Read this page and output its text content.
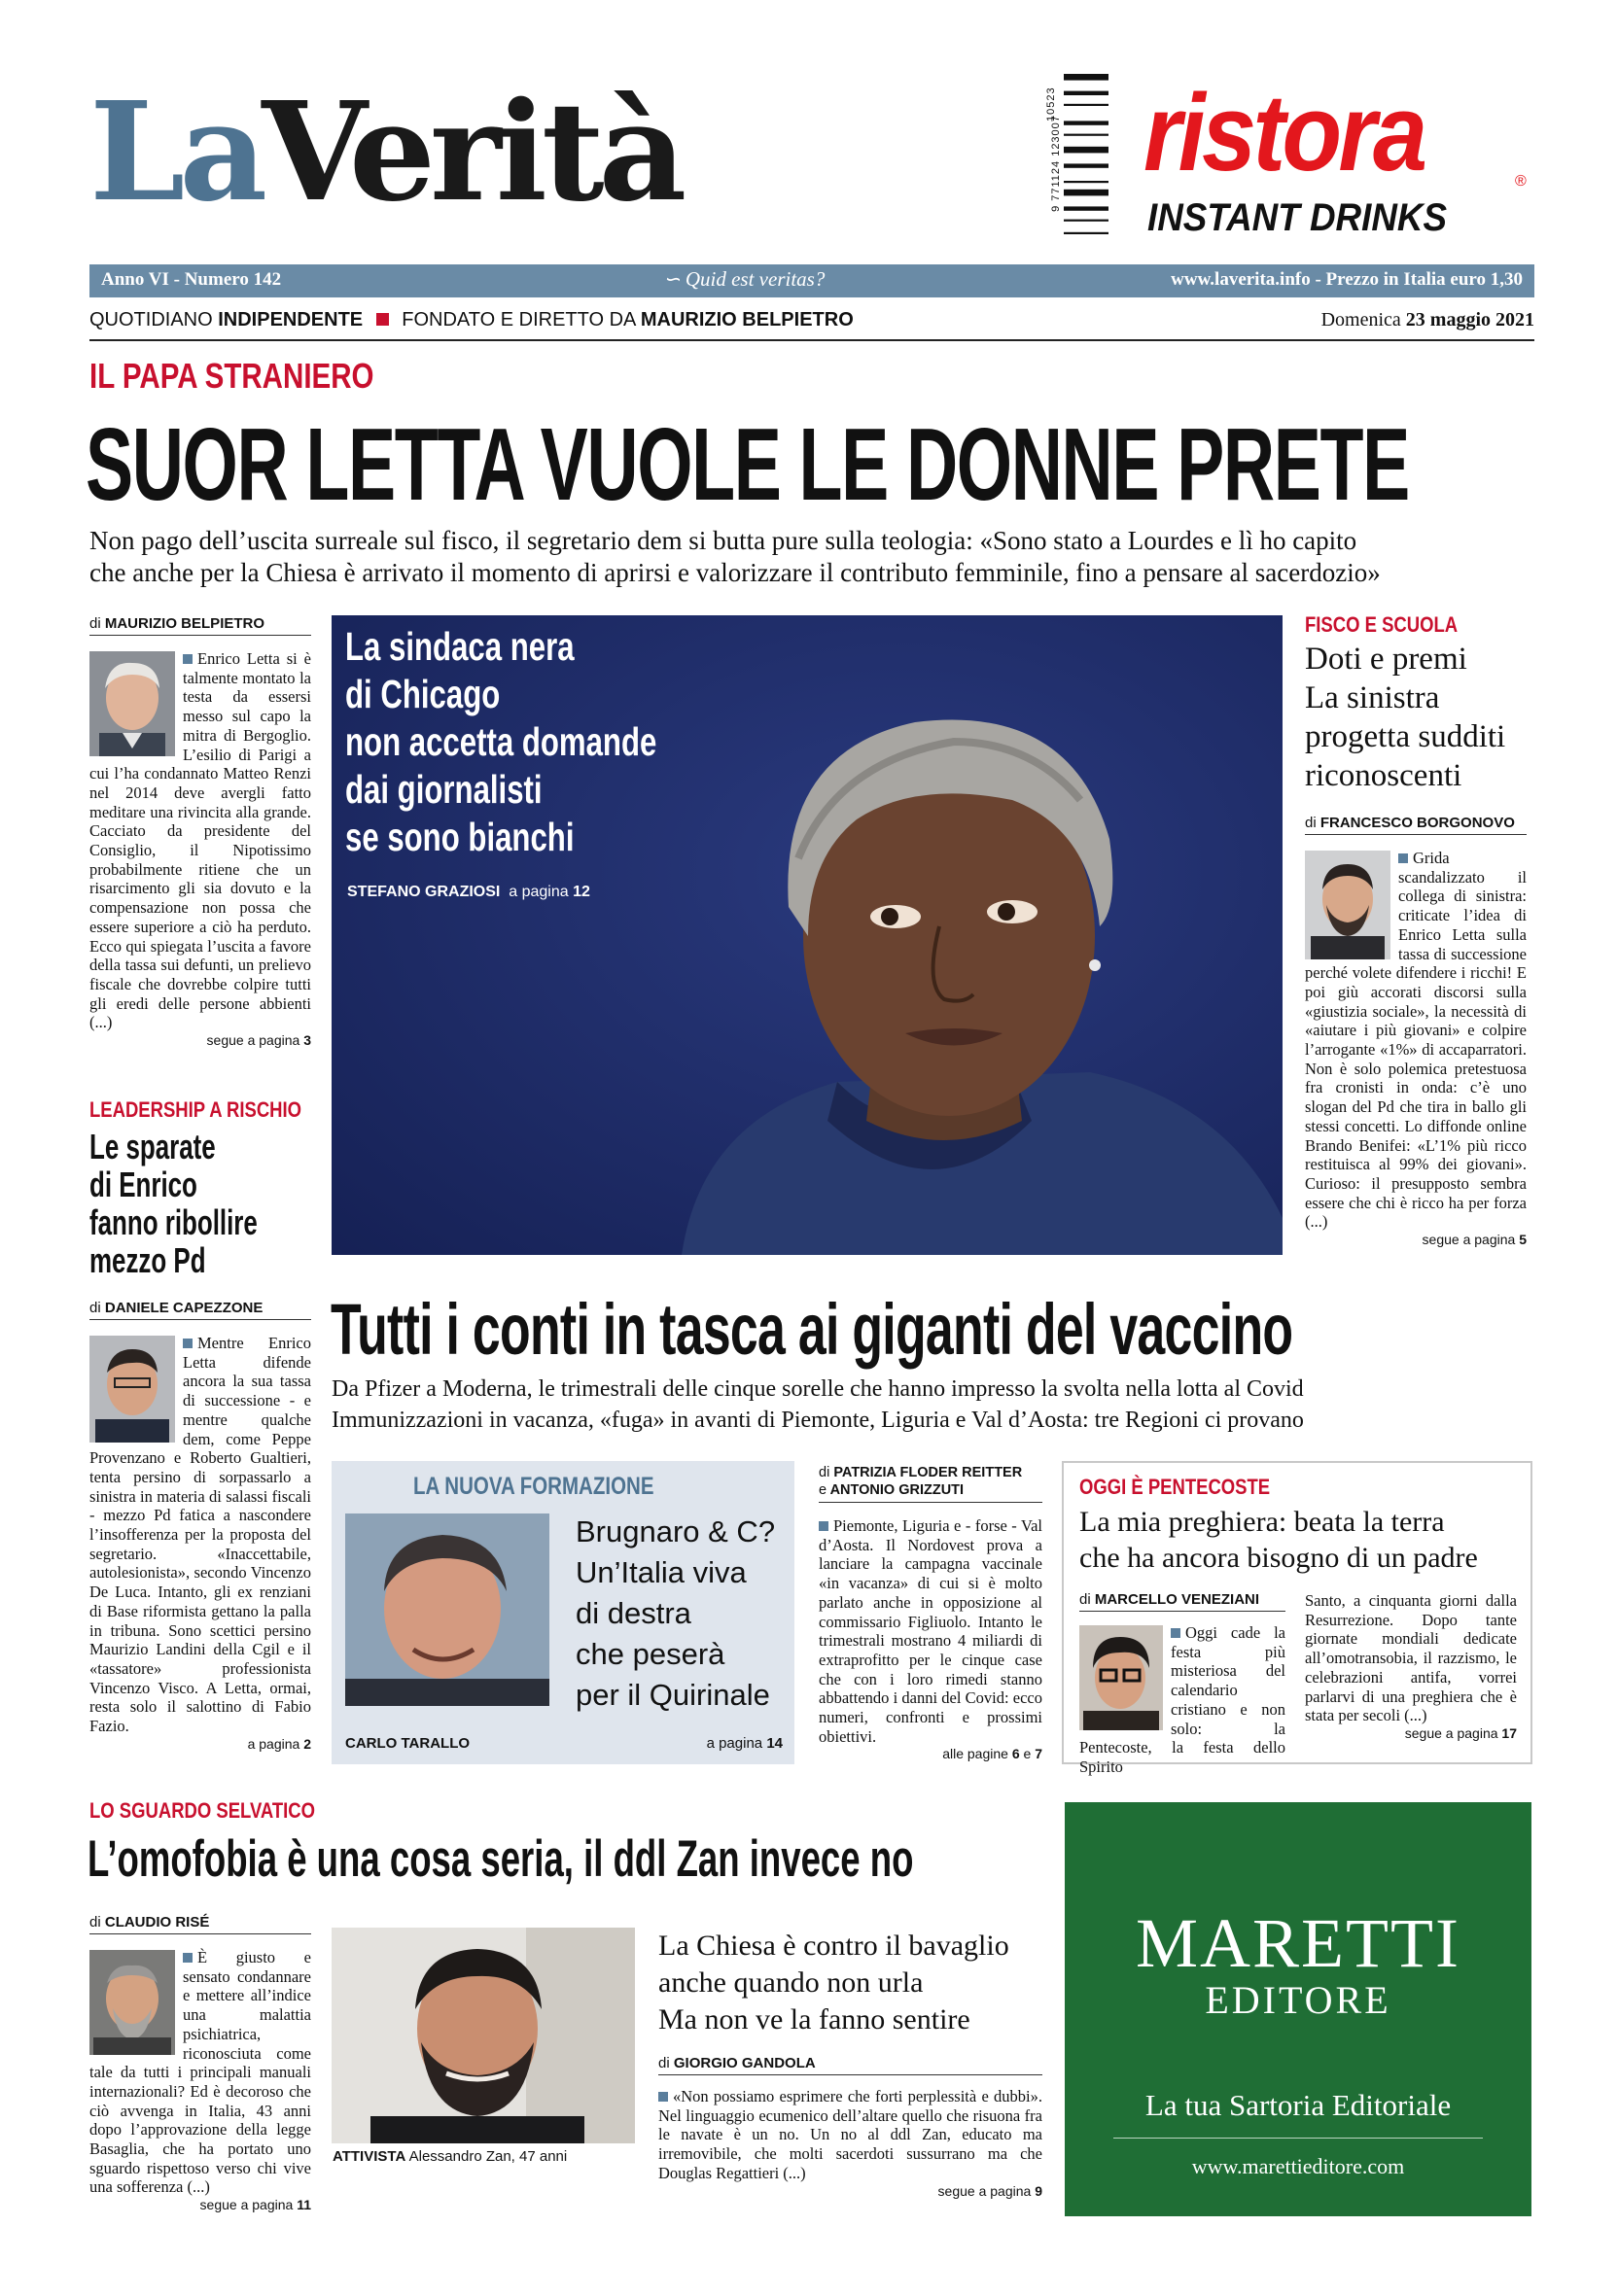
LaVerità	9 771124 123007
10523 ristora	®
INSTANT DRINKS
Anno VI - Numero 142	∽ Quid est veritas?	www.laverita.info - Prezzo in Italia euro 1,30
QUOTIDIANO INDIPENDENTE FONDATO E DIRETTO DA MAURIZIO BELPIETRO	Domenica 23 maggio 2021
IL PAPA STRANIERO
SUOR LETTA VUOLE LE DONNE PRETE
Non pago dell’uscita surreale sul fisco, il segretario dem si butta pure sulla teologia: «Sono stato a Lourdes e lì ho capito
che anche per la Chiesa è arrivato il momento di aprirsi e valorizzare il contributo femminile, fino a pensare al sacerdozio»
di MAURIZIO BELPIETRO

Enrico Letta si è talmente montato la testa da essersi messo sul capo la mitra di Bergoglio. L’esilio di Parigi a cui l’ha condannato Matteo Renzi nel 2014 deve avergli fatto meditare una rivincita alla grande. Cacciato da presidente del Consiglio, il Nipotissimo probabilmente ritiene che un risarcimento gli sia dovuto e la compensazione non possa che essere superiore a ciò ha perduto. Ecco qui spiegata l’uscita a favore della tassa sui defunti, un prelievo fiscale che dovrebbe colpire tutti gli eredi delle persone abbienti (...)

segue a pagina 3
LEADERSHIP A RISCHIO
Le sparate
di Enrico
fanno ribollire
mezzo Pd
di DANIELE CAPEZZONE

Mentre Enrico Letta difende ancora la sua tassa di successione - e mentre qualche dem, come Peppe Provenzano e Roberto Gualtieri, tenta persino di sorpassarlo a sinistra in materia di salassi fiscali - mezzo Pd fatica a nascondere l’insofferenza per la proposta del segretario. «Inaccettabile, autolesionista», secondo Vincenzo De Luca. Intanto, gli ex renziani di Base riformista gettano la palla in tribuna. Sono scettici persino Maurizio Landini della Cgil e il «tassatore» professionista Vincenzo Visco. A Letta, ormai, resta solo il salottino di Fabio Fazio.

a pagina 2
La sindaca nera
di Chicago
non accetta domande
dai giornalisti
se sono bianchi
STEFANO GRAZIOSI a pagina 12
FISCO E SCUOLA
Doti e premi
La sinistra
progetta sudditi
riconoscenti
di FRANCESCO BORGONOVO

Grida scandalizzato il collega di sinistra: criticate l’idea di Enrico Letta sulla tassa di successione perché volete difendere i ricchi! E poi giù accorati discorsi sulla «giustizia sociale», la necessità di «aiutare i più giovani» e colpire l’arrogante «1%» di accaparratori. Non è solo polemica pretestuosa fra cronisti in onda: c’è uno slogan del Pd che tira in ballo gli stessi concetti. Lo diffonde online Brando Benifei: «L’1% più ricco restituisca al 99% dei giovani». Curioso: il presupposto sembra essere che chi è ricco ha per forza (...)

segue a pagina 5
Tutti i conti in tasca ai giganti del vaccino
Da Pfizer a Moderna, le trimestrali delle cinque sorelle che hanno impresso la svolta nella lotta al Covid
Immunizzazioni in vacanza, «fuga» in avanti di Piemonte, Liguria e Val d’Aosta: tre Regioni ci provano
LA NUOVA FORMAZIONE
Brugnaro & C?
Un’Italia viva
di destra
che peserà
per il Quirinale
CARLO TARALLO	a pagina 14
di PATRIZIA FLODER REITTER
e ANTONIO GRIZZUTI

Piemonte, Liguria e - forse - Val d’Aosta. Il Nordovest prova a lanciare la campagna vaccinale «in vacanza» di cui si è molto parlato anche in opposizione al commissario Figliuolo. Intanto le trimestrali mostrano 4 miliardi di extraprofitto per le cinque case che con i loro rimedi stanno abbattendo i danni del Covid: ecco numeri, confronti e prossimi obiettivi.

alle pagine 6 e 7
OGGI È PENTECOSTE
La mia preghiera: beata la terra
che ha ancora bisogno di un padre
di MARCELLO VENEZIANI

Oggi cade la festa più misteriosa del calendario cristiano e non solo: la Pentecoste, la festa dello Spirito

Santo, a cinquanta giorni dalla Resurrezione. Dopo tante giornate mondiali dedicate all’omotransobia, il razzismo, le celebrazioni antifa, vorrei parlarvi di una preghiera che è stata per secoli (...)

segue a pagina 17
LO SGUARDO SELVATICO
L’omofobia è una cosa seria, il ddl Zan invece no
di CLAUDIO RISÉ

È giusto e sensato condannare e mettere all’indice una malattia psichiatrica, riconosciuta come tale da tutti i principali manuali internazionali? Ed è decoroso che ciò avvenga in Italia, 43 anni dopo l’approvazione della legge Basaglia, che ha portato uno sguardo rispettoso verso chi vive una sofferenza (...)

segue a pagina 11
ATTIVISTA Alessandro Zan, 47 anni
La Chiesa è contro il bavaglio
anche quando non urla
Ma non ve la fanno sentire
di GIORGIO GANDOLA

«Non possiamo esprimere che forti perplessità e dubbi». Nel linguaggio ecumenico dell’altare quello che risuona fra le navate è un no. Un no al ddl Zan, educato ma irremovibile, che molti sacerdoti sussurrano ma che Douglas Regattieri (...)

segue a pagina 9
MARETTI
EDITORE
La tua Sartoria Editoriale
www.marettieditore.com
